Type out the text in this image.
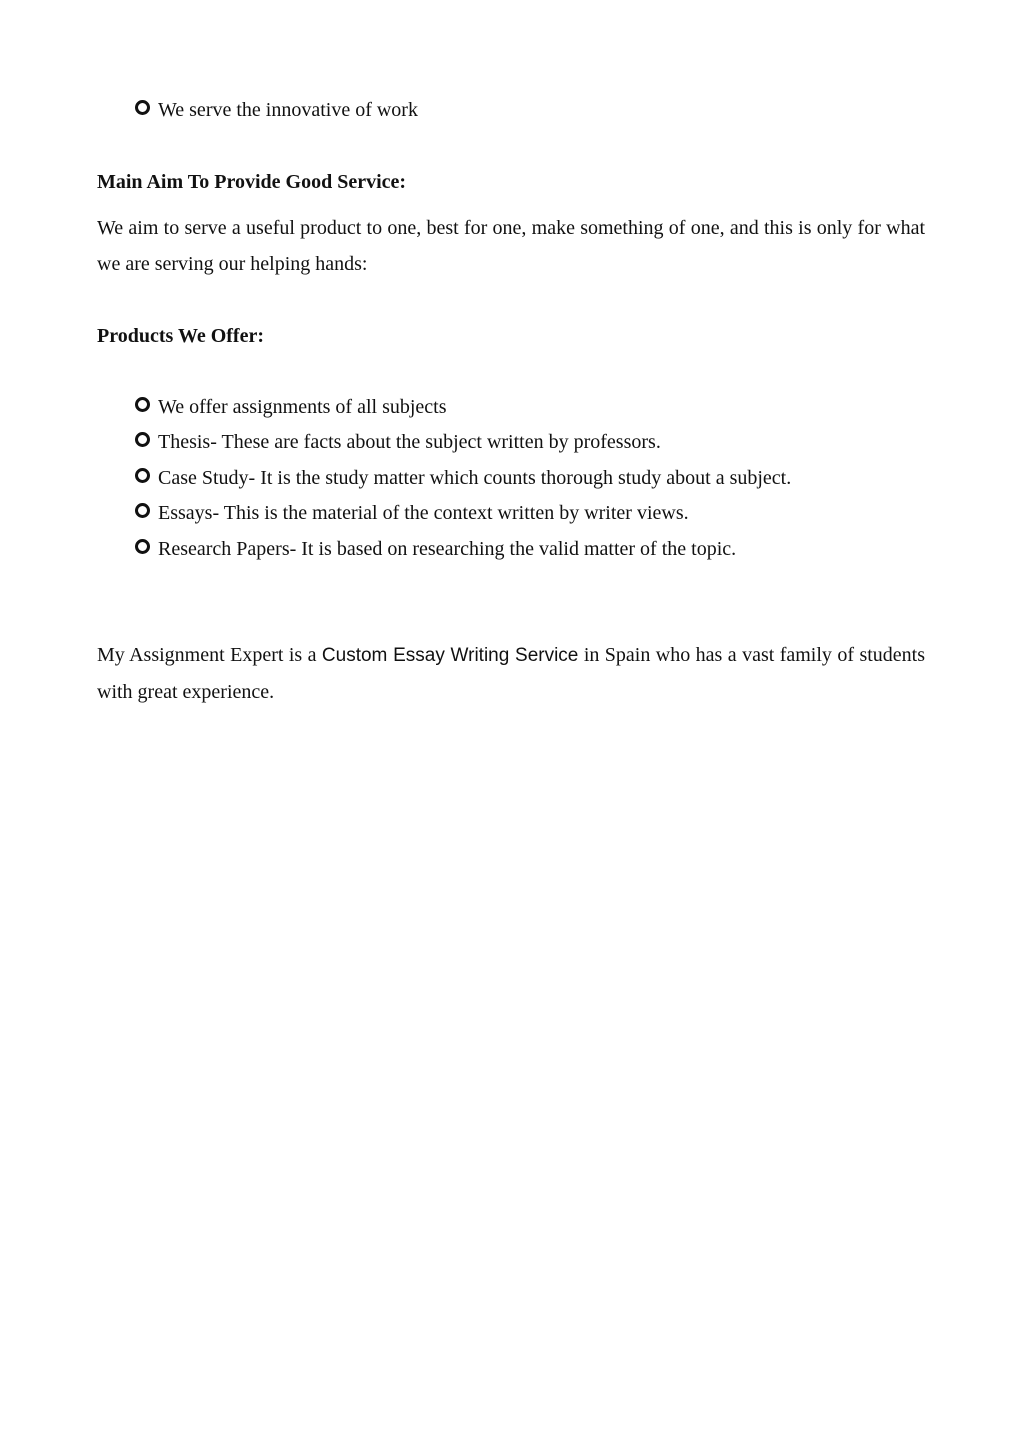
We serve the innovative of work
Main Aim To Provide Good Service:
We aim to serve a useful product to one, best for one, make something of one, and this is only for what we are serving our helping hands:
Products We Offer:
We offer assignments of all subjects
Thesis- These are facts about the subject written by professors.
Case Study- It is the study matter which counts thorough study about a subject.
Essays- This is the material of the context written by writer views.
Research Papers- It is based on researching the valid matter of the topic.
My Assignment Expert is a Custom Essay Writing Service in Spain who has a vast family of students with great experience.
